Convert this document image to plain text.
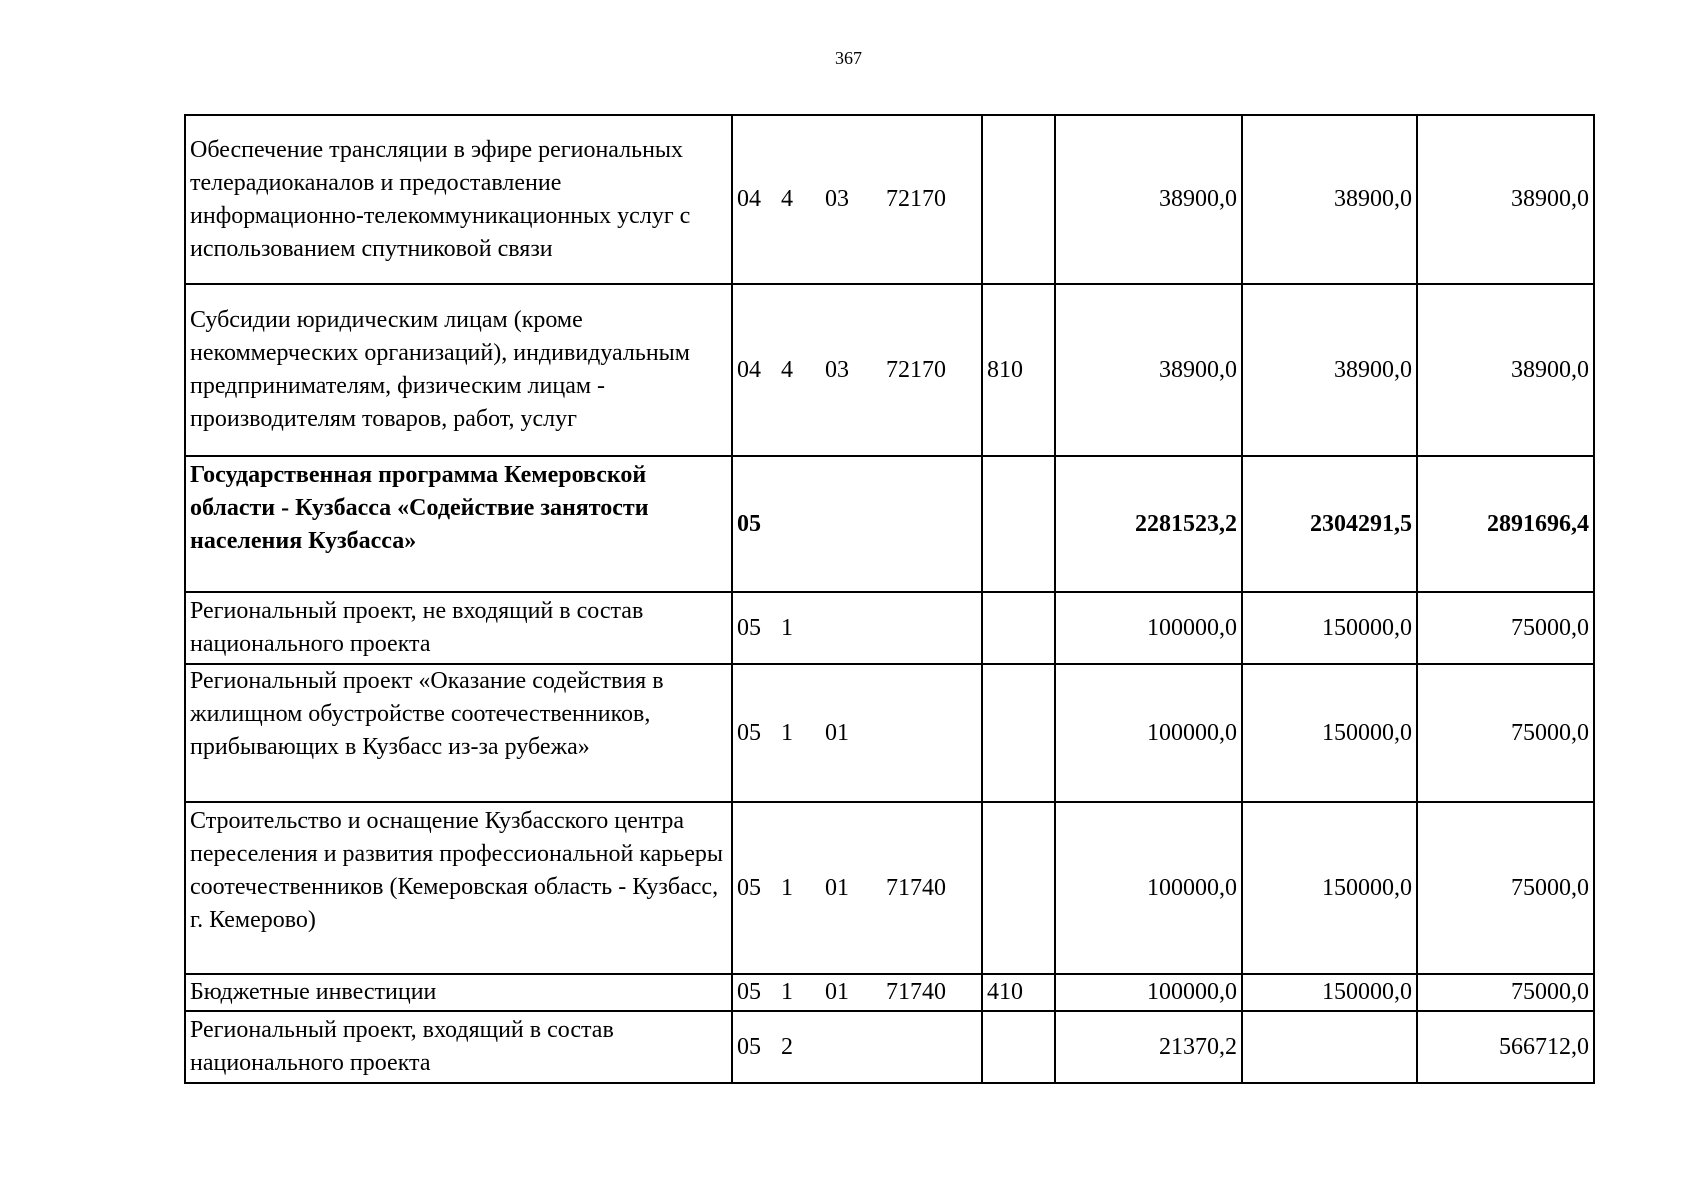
367
Обеспечение трансляции в эфире региональных телерадиоканалов и предоставление информационно-телекоммуникационных услуг с использованием спутниковой связи	04 4 03 72170		38900,0	38900,0	38900,0
Субсидии юридическим лицам (кроме некоммерческих организаций), индивидуальным предпринимателям, физическим лицам - производителям товаров, работ, услуг	04 4 03 72170	810	38900,0	38900,0	38900,0
Государственная программа Кемеровской области - Кузбасса «Содействие занятости населения Кузбасса»	05		2281523,2	2304291,5	2891696,4
Региональный проект, не входящий в состав национального проекта	05 1		100000,0	150000,0	75000,0
Региональный проект «Оказание содействия в жилищном обустройстве соотечественников, прибывающих в Кузбасс из-за рубежа»	05 1 01		100000,0	150000,0	75000,0
Строительство и оснащение Кузбасского центра переселения и развития профессиональной карьеры соотечественников (Кемеровская область - Кузбасс, г. Кемерово)	05 1 01 71740		100000,0	150000,0	75000,0
Бюджетные инвестиции	05 1 01 71740	410	100000,0	150000,0	75000,0
Региональный проект, входящий в состав национального проекта	05 2		21370,2		566712,0
